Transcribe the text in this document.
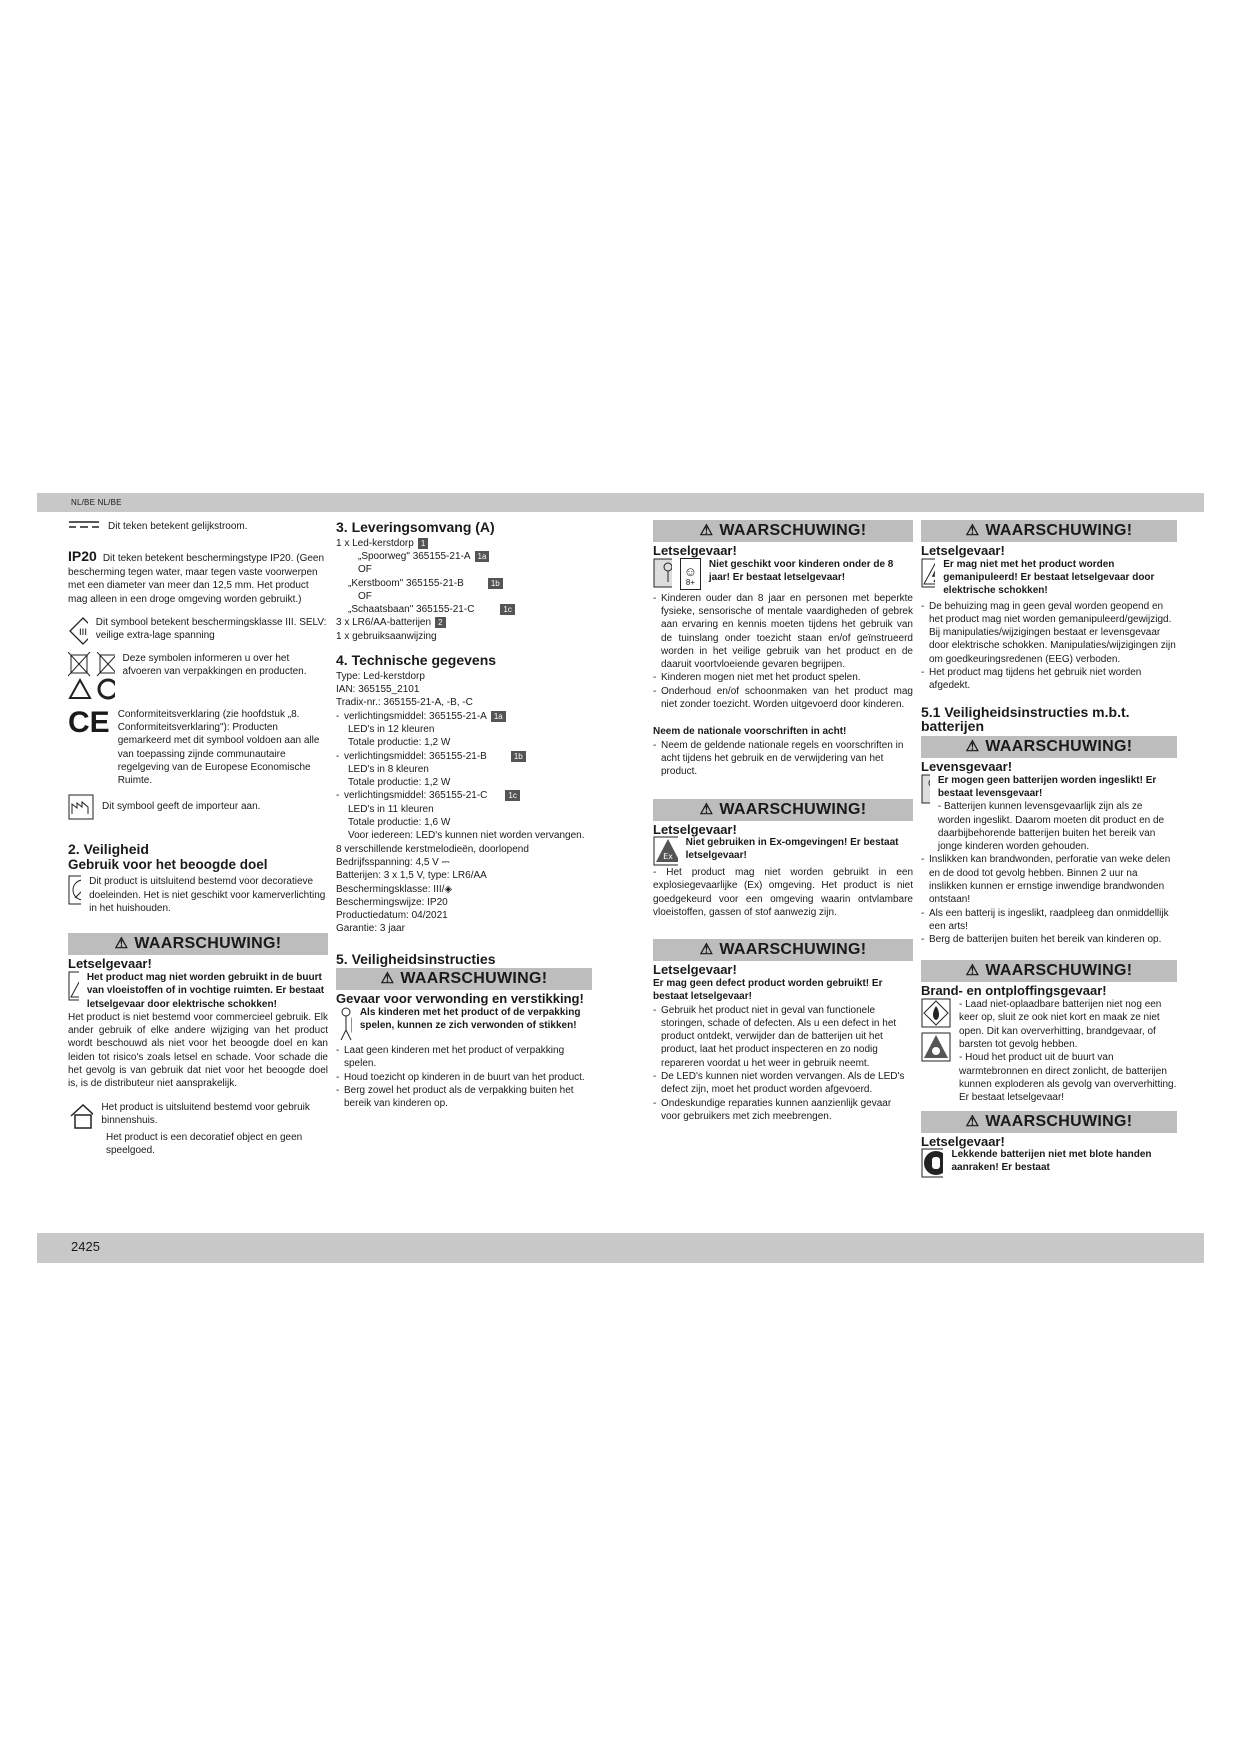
NL/BE NL/BE

Dit teken betekent gelijkstroom.

IP20 Dit teken betekent beschermingstype IP20. (Geen bescherming tegen water, maar tegen vaste voorwerpen met een diameter van meer dan 12,5 mm. Het product mag alleen in een droge omgeving worden gebruikt.)
III

Dit symbool betekent beschermingsklasse III. SELV: veilige extra-lage spanning

Deze symbolen informeren u over het afvoeren van verpakkingen en producten.

CE Conformiteitsverklaring (zie hoofdstuk „8. Conformiteitsverklaring"): Producten gemarkeerd met dit symbool voldoen aan alle van toepassing zijnde communautaire regelgeving van de Europese Economische Ruimte.

Dit symbool geeft de importeur aan.

2. Veiligheid
Gebruik voor het beoogde doel

Dit product is uitsluitend bestemd voor decoratieve doeleinden. Het is niet geschikt voor kamerverlichting in het huishouden.

⚠ WAARSCHUWING!
Letselgevaar!

Het product mag niet worden gebruikt in de buurt van vloeistoffen of in vochtige ruimten. Er bestaat letselgevaar door elektrische schokken!

Het product is niet bestemd voor commercieel gebruik. Elk ander gebruik of elke andere wijziging van het product wordt beschouwd als niet voor het beoogde doel en kan leiden tot risico's zoals letsel en schade. Voor schade die het gevolg is van gebruik dat niet voor het beoogde doel is, is de distributeur niet aansprakelijk.

Het product is uitsluitend bestemd voor gebruik binnenshuis.

Het product is een decoratief object en geen speelgoed.

3. Leveringsomvang (A)

1 x Led-kerstdorp 1

„Spoorweg" 365155-21-A 1a

OF

„Kerstboom" 365155-21-B	1b

OF

„Schaatsbaan" 365155-21-C	1c

3 x LR6/AA-batterijen 2

1 x gebruiksaanwijzing

4. Technische gegevens

Type: Led-kerstdorp

IAN: 365155_2101

Tradix-nr.: 365155-21-A, -B, -C

- verlichtingsmiddel: 365155-21-A 1a

LED's in 12 kleuren

Totale productie: 1,2 W

- verlichtingsmiddel: 365155-21-B	1b

LED's in 8 kleuren

Totale productie: 1,2 W

- verlichtingsmiddel: 365155-21-C	1c

LED's in 11 kleuren

Totale productie: 1,6 W

Voor iedereen: LED's kunnen niet worden vervangen.

8 verschillende kerstmelodieën, doorlopend

Bedrijfsspanning: 4,5 V ⎓

Batterijen: 3 x 1,5 V, type: LR6/AA

Beschermingsklasse: III/◈

Beschermingswijze: IP20

Productiedatum: 04/2021

Garantie: 3 jaar

5. Veiligheidsinstructies
⚠ WAARSCHUWING!
Gevaar voor verwonding en verstikking!

Als kinderen met het product of de verpakking spelen, kunnen ze zich verwonden of stikken!

- Laat geen kinderen met het product of verpakking spelen.
- Houd toezicht op kinderen in de buurt van het product.
- Berg zowel het product als de verpakking buiten het bereik van kinderen op.
⚠ WAARSCHUWING!
Letselgevaar!
☺
8+

Niet geschikt voor kinderen onder de 8 jaar! Er bestaat letselgevaar!

- Kinderen ouder dan 8 jaar en personen met beperkte fysieke, sensorische of mentale vaardigheden of gebrek aan ervaring en kennis moeten tijdens het gebruik van de tuinslang onder toezicht staan en/of geïnstrueerd worden in het veilige gebruik van het product en de daaruit voortvloeiende gevaren begrijpen.
- Kinderen mogen niet met het product spelen.
- Onderhoud en/of schoonmaken van het product mag niet zonder toezicht. Worden uitgevoerd door kinderen.

Neem de nationale voorschriften in acht!

- Neem de geldende nationale regels en voorschriften in acht tijdens het gebruik en de verwijdering van het product.
⚠ WAARSCHUWING!
Letselgevaar!
Ex

Niet gebruiken in Ex-omgevingen! Er bestaat letselgevaar!

- Het product mag niet worden gebruikt in een explosiegevaarlijke (Ex) omgeving. Het product is niet goedgekeurd voor een omgeving waarin ontvlambare vloeistoffen, gassen of stof aanwezig zijn.

⚠ WAARSCHUWING!
Letselgevaar!

Er mag geen defect product worden gebruikt! Er bestaat letselgevaar!

- Gebruik het product niet in geval van functionele storingen, schade of defecten. Als u een defect in het product ontdekt, verwijder dan de batterijen uit het product, laat het product inspecteren en zo nodig repareren voordat u het weer in gebruik neemt.
- De LED's kunnen niet worden vervangen. Als de LED's defect zijn, moet het product worden afgevoerd.
- Ondeskundige reparaties kunnen aanzienlijk gevaar voor gebruikers met zich meebrengen.
⚠ WAARSCHUWING!
Letselgevaar!

Er mag niet met het product worden gemanipuleerd! Er bestaat letselgevaar door elektrische schokken!

- De behuizing mag in geen geval worden geopend en het product mag niet worden gemanipuleerd/gewijzigd. Bij manipulaties/wijzigingen bestaat er levensgevaar door elektrische schokken. Manipulaties/wijzigingen zijn om goedkeuringsredenen (EEG) verboden.
- Het product mag tijdens het gebruik niet worden afgedekt.
5.1 Veiligheidsinstructies m.b.t. batterijen
⚠ WAARSCHUWING!
Levensgevaar!

Er mogen geen batterijen worden ingeslikt! Er bestaat levensgevaar!

- Batterijen kunnen levensgevaarlijk zijn als ze worden ingeslikt. Daarom moeten dit product en de daarbijbehorende batterijen buiten het bereik van jonge kinderen worden gehouden.

- Inslikken kan brandwonden, perforatie van weke delen en de dood tot gevolg hebben. Binnen 2 uur na inslikken kunnen er ernstige inwendige brandwonden ontstaan!
- Als een batterij is ingeslikt, raadpleeg dan onmiddellijk een arts!
- Berg de batterijen buiten het bereik van kinderen op.
⚠ WAARSCHUWING!
Brand- en ontploffingsgevaar!

- Laad niet-oplaadbare batterijen niet nog een keer op, sluit ze ook niet kort en maak ze niet open. Dit kan oververhitting, brandgevaar, of barsten tot gevolg hebben.

- Houd het product uit de buurt van warmtebronnen en direct zonlicht, de batterijen kunnen exploderen als gevolg van oververhitting. Er bestaat letselgevaar!

⚠ WAARSCHUWING!
Letselgevaar!

Lekkende batterijen niet met blote handen aanraken! Er bestaat

2425
